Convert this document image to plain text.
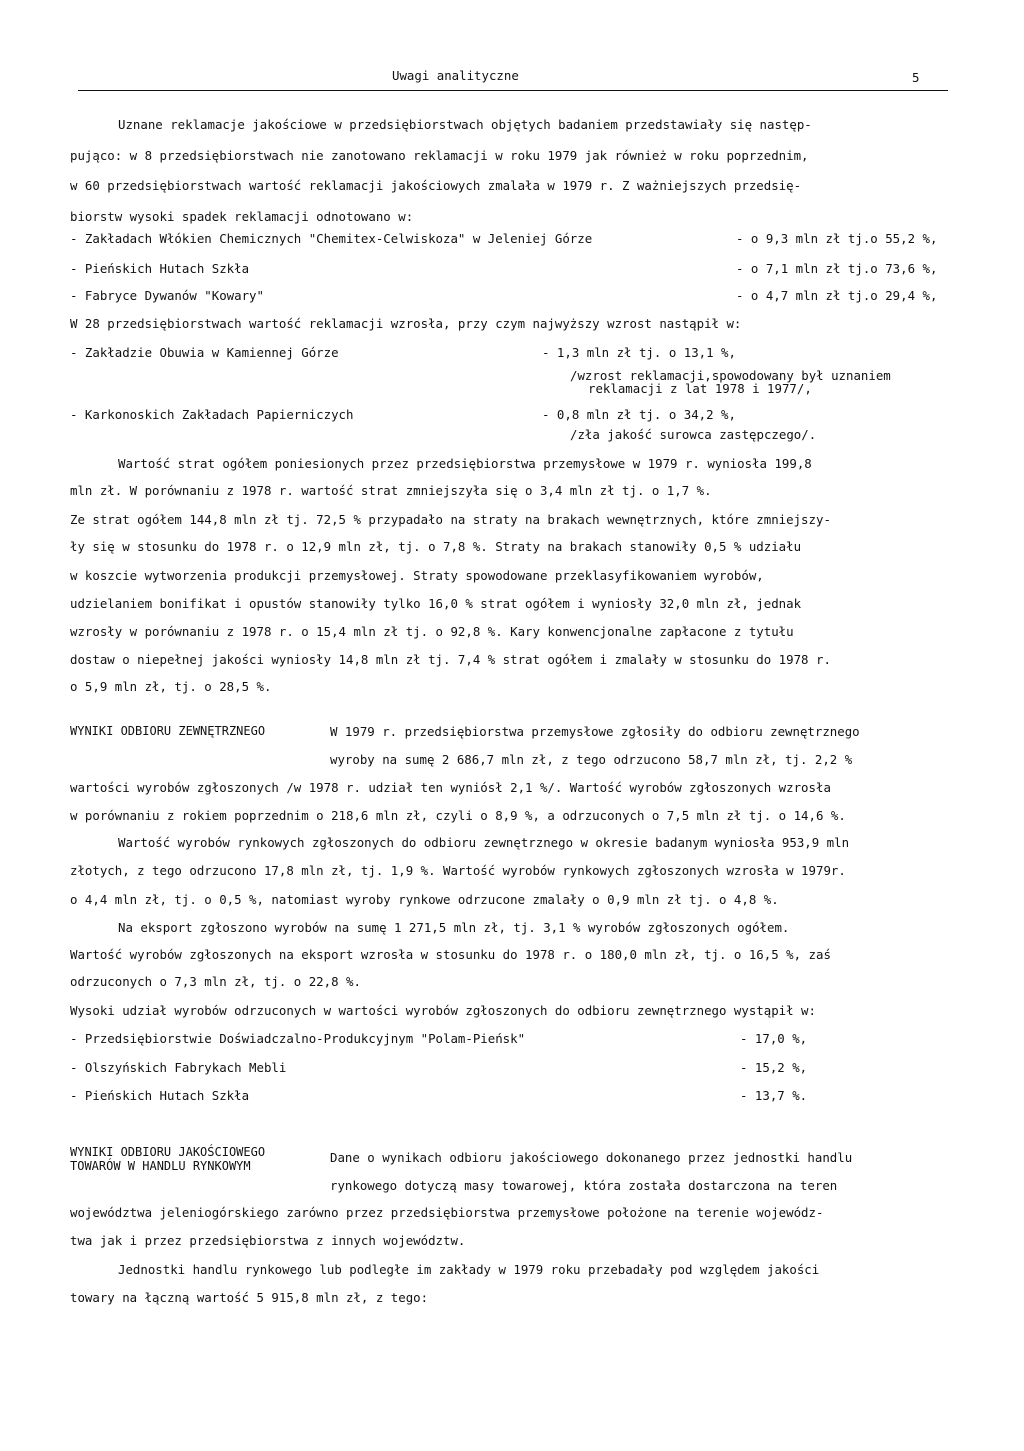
Uwagi analityczne	5
Uznane reklamacje jakościowe w przedsiębiorstwach objętych badaniem przedstawiały się następ-
pująco: w 8 przedsiębiorstwach nie zanotowano reklamacji w roku 1979 jak również w roku poprzednim,
w 60 przedsiębiorstwach wartość reklamacji jakościowych zmalała w 1979 r. Z ważniejszych przedsię-
biorstw wysoki spadek reklamacji odnotowano w:
- Zakładach Włókien Chemicznych "Chemitex-Celwiskoza" w Jeleniej Górze	- o 9,3 mln zł tj.o 55,2 %,
- Pieńskich Hutach Szkła	- o 7,1 mln zł tj.o 73,6 %,
- Fabryce Dywanów "Kowary"	- o 4,7 mln zł tj.o 29,4 %,
W 28 przedsiębiorstwach wartość reklamacji wzrosła, przy czym najwyższy wzrost nastąpił w:
- Zakładzie Obuwia w Kamiennej Górze	- 1,3 mln zł tj. o 13,1 %,
/wzrost reklamacji,spowodowany był uznaniem
reklamacji z lat 1978 i 1977/,
- Karkonoskich Zakładach Papierniczych	- 0,8 mln zł tj. o 34,2 %,
/zła jakość surowca zastępczego/.
Wartość strat ogółem poniesionych przez przedsiębiorstwa przemysłowe w 1979 r. wyniosła 199,8
mln zł. W porównaniu z 1978 r. wartość strat zmniejszyła się o 3,4 mln zł tj. o 1,7 %.
Ze strat ogółem 144,8 mln zł tj. 72,5 % przypadało na straty na brakach wewnętrznych, które zmniejszy-
ły się w stosunku do 1978 r. o 12,9 mln zł, tj. o 7,8 %. Straty na brakach stanowiły 0,5 % udziału
w koszcie wytworzenia produkcji przemysłowej. Straty spowodowane przeklasyfikowaniem wyrobów,
udzielaniem bonifikat i opustów stanowiły tylko 16,0 % strat ogółem i wyniosły 32,0 mln zł, jednak
wzrosły w porównaniu z 1978 r. o 15,4 mln zł tj. o 92,8 %. Kary konwencjonalne zapłacone z tytułu
dostaw o niepełnej jakości wyniosły 14,8 mln zł tj. 7,4 % strat ogółem i zmalały w stosunku do 1978 r.
o 5,9 mln zł, tj. o 28,5 %.
WYNIKI ODBIORU ZEWNĘTRZNEGO	W 1979 r. przedsiębiorstwa przemysłowe zgłosiły do odbioru zewnętrznego
wyroby na sumę 2 686,7 mln zł, z tego odrzucono 58,7 mln zł, tj. 2,2 %
wartości wyrobów zgłoszonych /w 1978 r. udział ten wyniósł 2,1 %/. Wartość wyrobów zgłoszonych wzrosła
w porównaniu z rokiem poprzednim o 218,6 mln zł, czyli o 8,9 %, a odrzuconych o 7,5 mln zł tj. o 14,6 %.
Wartość wyrobów rynkowych zgłoszonych do odbioru zewnętrznego w okresie badanym wyniosła 953,9 mln
złotych, z tego odrzucono 17,8 mln zł, tj. 1,9 %. Wartość wyrobów rynkowych zgłoszonych wzrosła w 1979r.
o 4,4 mln zł, tj. o 0,5 %, natomiast wyroby rynkowe odrzucone zmalały o 0,9 mln zł tj. o 4,8 %.
Na eksport zgłoszono wyrobów na sumę 1 271,5 mln zł, tj. 3,1 % wyrobów zgłoszonych ogółem.
Wartość wyrobów zgłoszonych na eksport wzrosła w stosunku do 1978 r. o 180,0 mln zł, tj. o 16,5 %, zaś
odrzuconych o 7,3 mln zł, tj. o 22,8 %.
Wysoki udział wyrobów odrzuconych w wartości wyrobów zgłoszonych do odbioru zewnętrznego wystąpił w:
- Przedsiębiorstwie Doświadczalno-Produkcyjnym "Polam-Pieńsk"	- 17,0 %,
- Olszyńskich Fabrykach Mebli	- 15,2 %,
- Pieńskich Hutach Szkła	- 13,7 %.
WYNIKI ODBIORU JAKOŚCIOWEGO
TOWARÓW W HANDLU RYNKOWYM
Dane o wynikach odbioru jakościowego dokonanego przez jednostki handlu
rynkowego dotyczą masy towarowej, która została dostarczona na teren
województwa jeleniogórskiego zarówno przez przedsiębiorstwa przemysłowe położone na terenie wojewódz-
twa jak i przez przedsiębiorstwa z innych województw.
Jednostki handlu rynkowego lub podległe im zakłady w 1979 roku przebadały pod względem jakości
towary na łączną wartość 5 915,8 mln zł, z tego:
